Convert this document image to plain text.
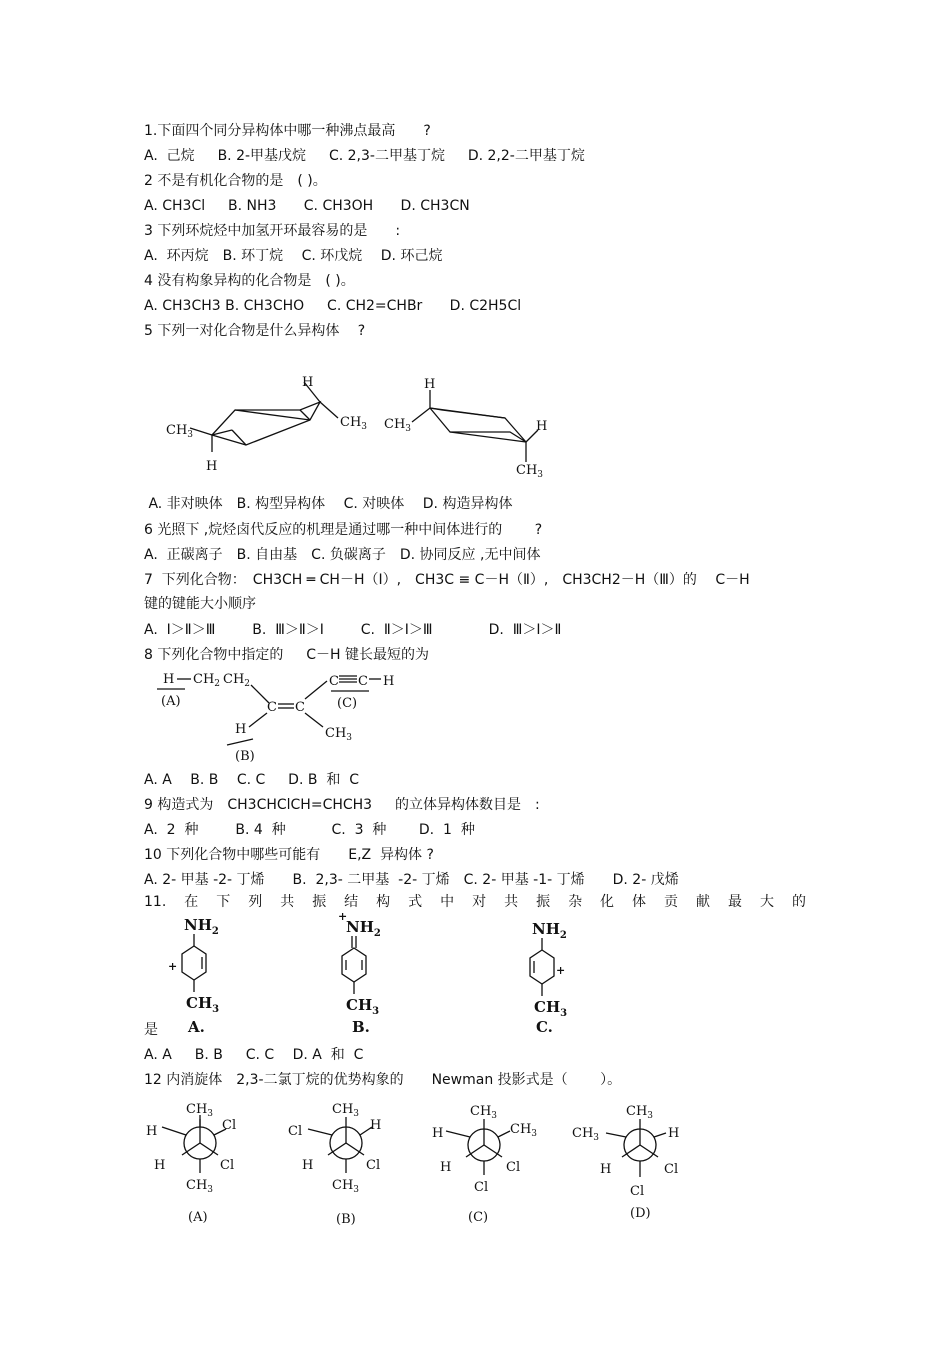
1.下面四个同分异构体中哪一种沸点最高　　?

A.  己烷　  B. 2-甲基戊烷　  C. 2,3-二甲基丁烷　  D. 2,2-二甲基丁烷

2 不是有机化合物的是　( )。

A. CH3Cl　  B. NH3　   C. CH3OH　   D. CH3CN

3 下列环烷烃中加氢开环最容易的是　　:

A.  环丙烷　B. 环丁烷　 C. 环戊烷　 D. 环己烷

4 没有构象异构的化合物是　( )。

A. CH3CH3 B. CH3CHO　  C. CH2=CHBr　   D. C2H5Cl

5 下列一对化合物是什么异构体　 ?

H
$CH_3$
$CH_3$
H
H
$CH_3$	H
$CH_3$

A. 非对映体　B. 构型异构体　 C. 对映体　 D. 构造异构体

6 光照下 ,烷烃卤代反应的机理是通过哪一种中间体进行的　　 ?

A.  正碳离子　B. 自由基　C. 负碳离子　D. 协同反应 ,无中间体

7  下列化合物：　CH3CH ═ CH－H（Ⅰ）,　CH3C ≡ C－H（Ⅱ）,　CH3CH2－H（Ⅲ）的　 C－H

键的键能大小顺序

A.  Ⅰ＞Ⅱ＞Ⅲ　　  B.  Ⅲ＞Ⅱ＞Ⅰ　　  C.  Ⅱ＞Ⅰ＞Ⅲ　　　　D.  Ⅲ＞Ⅰ＞Ⅱ

8 下列化合物中指定的　  C－H 键长最短的为

H $CH_2$ $CH_2$
(A)	C C
C C H
(C)
H
(B)
$CH_3$

A. A　 B. B　 C. C　  D. B  和  C

9 构造式为　CH3CHClCH=CHCH3　  的立体异构体数目是　:

A.  2  种　　  B. 4  种　　    C.  3  种　　 D.  1  种

10 下列化合物中哪些可能有　　E,Z  异构体 ?

A. 2- 甲基 -2- 丁烯　　B.  2,3- 二甲基  -2- 丁烯　C. 2- 甲基 -1- 丁烯　　D. 2- 戊烯

11. 在 下 列 共 振 结 构 式 中 对 共 振 杂 化 体 贡 献 最 大 的
$NH_2$
+
$CH_3$
A.
+
$NH_2$
$CH_3$
B.
$NH_2$
+
$CH_3$
C.

是

A. A　  B. B　  C. C　 D. A  和  C

12 内消旋体　2,3-二氯丁烷的优势构象的　　Newman 投影式是（　　 ）。

$CH_3$
H	Cl
H	Cl
$CH_3$
(A)
$CH_3$
Cl	H
H	Cl
$CH_3$
(B)
$CH_3$
H	$CH_3$
H	Cl
Cl
(C)
$CH_3$
$CH_3$	H
H	Cl
Cl
(D)
